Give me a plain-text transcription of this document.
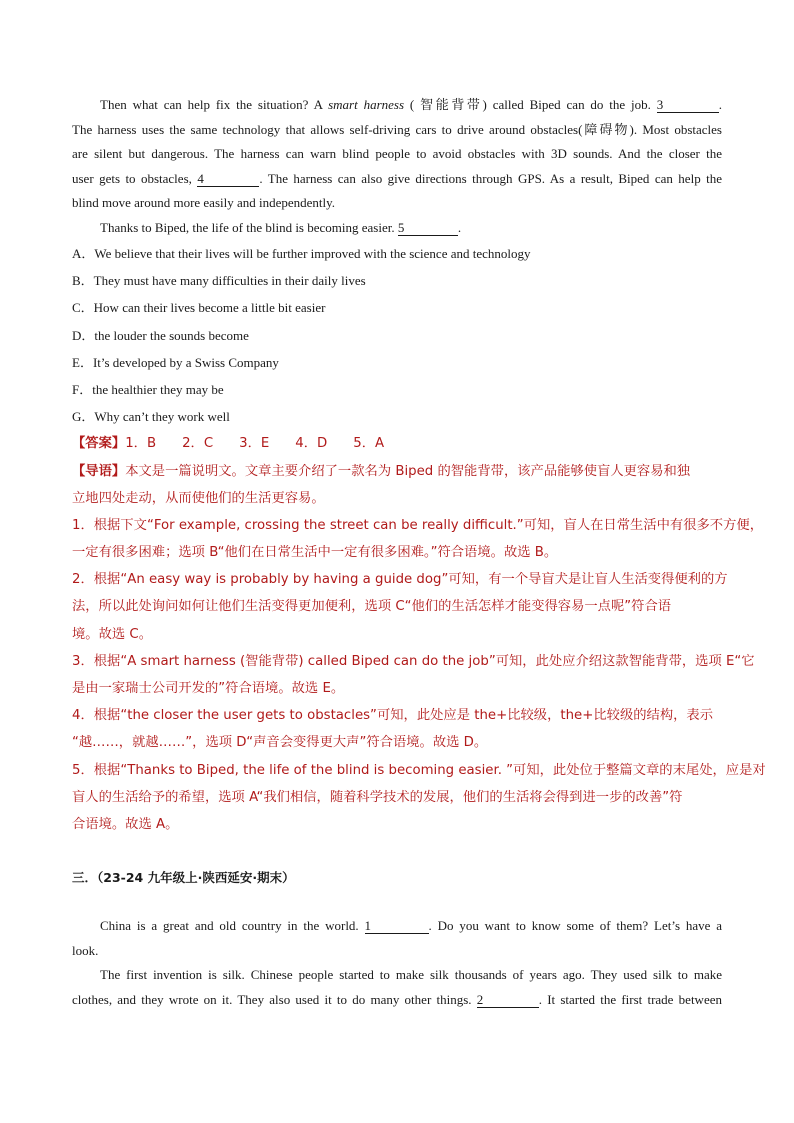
Then what can help fix the situation? A smart harness ( 智能背带) called Biped can do the job. 3	.
The harness uses the same technology that allows self-driving cars to drive around obstacles(障碍物). Most obstacles
are silent but dangerous. The harness can warn blind people to avoid obstacles with 3D sounds. And the closer the
user gets to obstacles, 4	. The harness can also give directions through GPS. As a result, Biped can help the
blind move around more easily and independently.
Thanks to Biped, the life of the blind is becoming easier. 5	.
A．We believe that their lives will be further improved with the science and technology
B．They must have many difficulties in their daily lives
C．How can their lives become a little bit easier
D．the louder the sounds become
E．It’s developed by a Swiss Company
F．the healthier they may be
G．Why can’t they work well
【答案】1．B 2．C 3．E 4．D 5．A
【导语】本文是一篇说明文。文章主要介绍了一款名为 Biped 的智能背带，该产品能够使盲人更容易和独
立地四处走动，从而使他们的生活更容易。
1．根据下文“For example, crossing the street can be really difficult.”可知，盲人在日常生活中有很多不方便，
一定有很多困难；选项 B“他们在日常生活中一定有很多困难。”符合语境。故选 B。
2．根据“An easy way is probably by having a guide dog”可知，有一个导盲犬是让盲人生活变得便利的方
法，所以此处询问如何让他们生活变得更加便利，选项 C“他们的生活怎样才能变得容易一点呢”符合语
境。故选 C。
3．根据“A smart harness (智能背带) called Biped can do the job”可知，此处应介绍这款智能背带，选项 E“它
是由一家瑞士公司开发的”符合语境。故选 E。
4．根据“the closer the user gets to obstacles”可知，此处应是 the+比较级，the+比较级的结构，表示
“越……，就越……”，选项 D“声音会变得更大声”符合语境。故选 D。
5．根据“Thanks to Biped, the life of the blind is becoming easier. ”可知，此处位于整篇文章的末尾处，应是对
盲人的生活给予的希望，选项 A“我们相信，随着科学技术的发展，他们的生活将会得到进一步的改善”符
合语境。故选 A。
三．（23-24 九年级上·陕西延安·期末）
China is a great and old country in the world. 1	. Do you want to know some of them? Let’s have a
look.
The first invention is silk. Chinese people started to make silk thousands of years ago. They used silk to make
clothes, and they wrote on it. They also used it to do many other things. 2	. It started the first trade between
